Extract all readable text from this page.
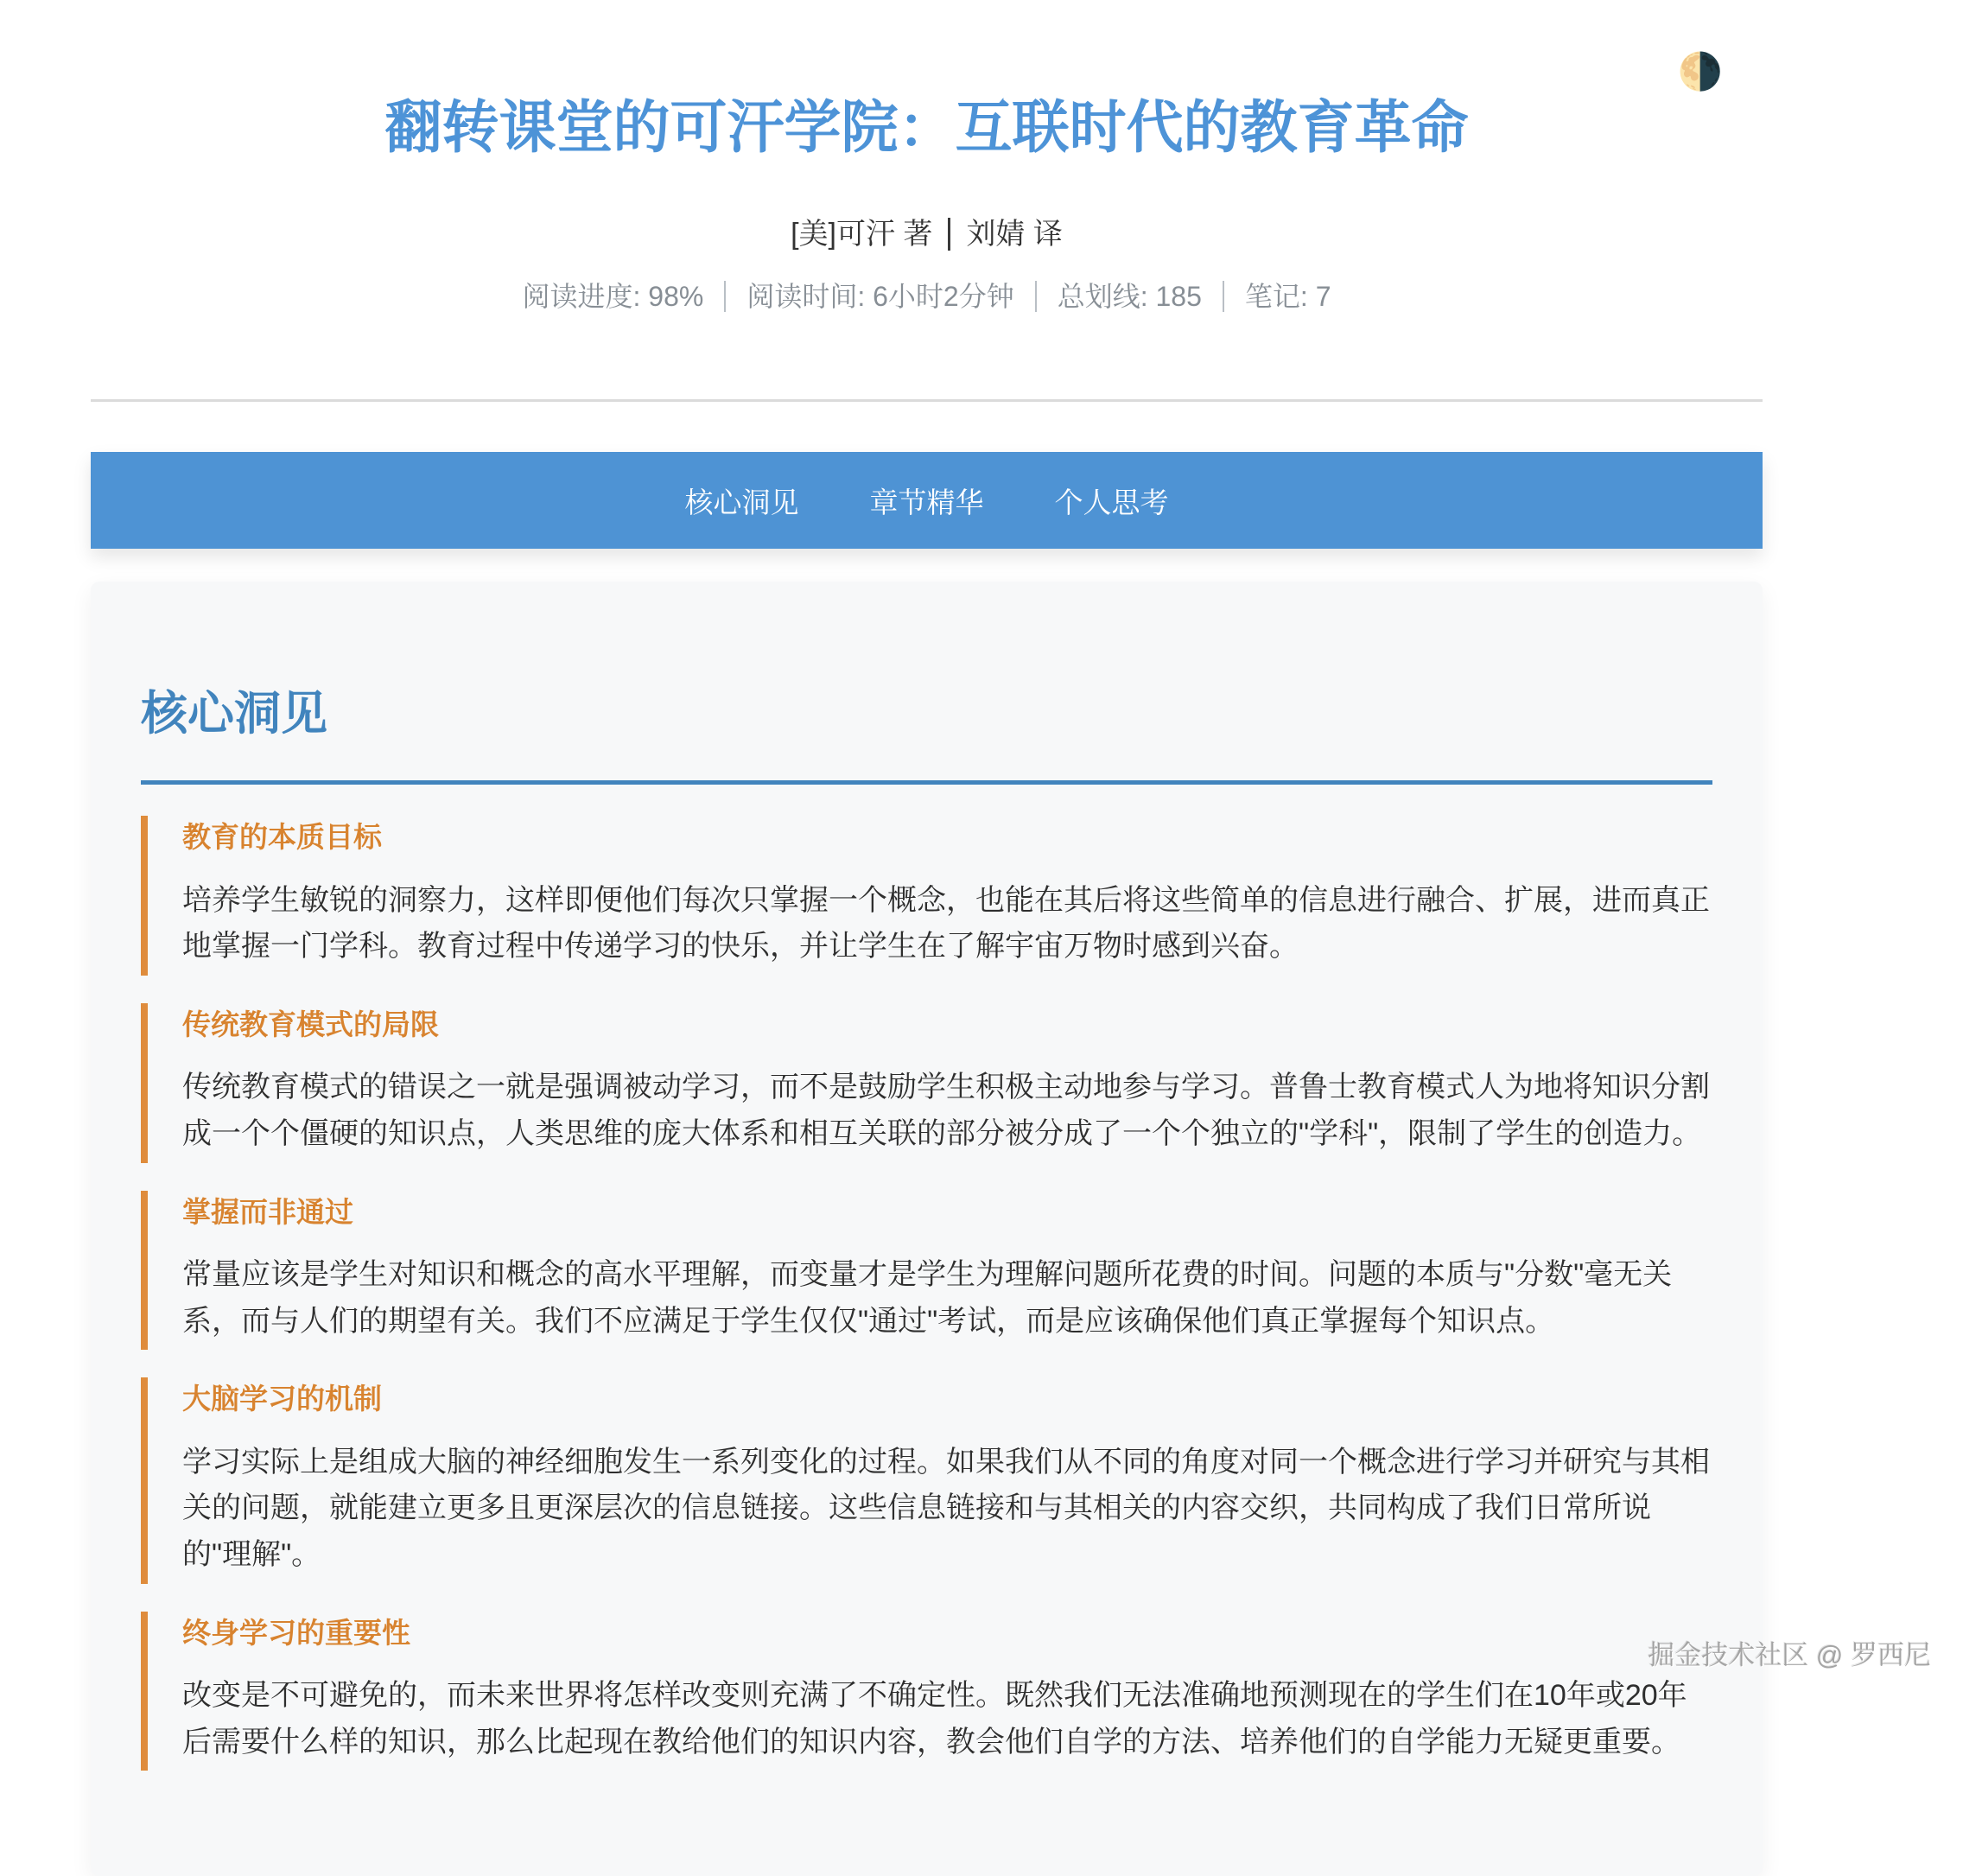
🌗
翻转课堂的可汗学院：互联时代的教育革命
[美]可汗 著 刘婧 译
阅读进度: 98% 阅读时间: 6小时2分钟 总划线: 185 笔记: 7
核心洞见 章节精华 个人思考
核心洞见
教育的本质目标

培养学生敏锐的洞察力，这样即便他们每次只掌握一个概念，也能在其后将这些简单的信息进行融合、扩展，进而真正地掌握一门学科。教育过程中传递学习的快乐，并让学生在了解宇宙万物时感到兴奋。

传统教育模式的局限

传统教育模式的错误之一就是强调被动学习，而不是鼓励学生积极主动地参与学习。普鲁士教育模式人为地将知识分割成一个个僵硬的知识点，人类思维的庞大体系和相互关联的部分被分成了一个个独立的"学科"，限制了学生的创造力。

掌握而非通过

常量应该是学生对知识和概念的高水平理解，而变量才是学生为理解问题所花费的时间。问题的本质与"分数"毫无关系，而与人们的期望有关。我们不应满足于学生仅仅"通过"考试，而是应该确保他们真正掌握每个知识点。

大脑学习的机制

学习实际上是组成大脑的神经细胞发生一系列变化的过程。如果我们从不同的角度对同一个概念进行学习并研究与其相关的问题，就能建立更多且更深层次的信息链接。这些信息链接和与其相关的内容交织，共同构成了我们日常所说的"理解"。

终身学习的重要性

改变是不可避免的，而未来世界将怎样改变则充满了不确定性。既然我们无法准确地预测现在的学生们在10年或20年后需要什么样的知识，那么比起现在教给他们的知识内容，教会他们自学的方法、培养他们的自学能力无疑更重要。

掘金技术社区 @ 罗西尼
